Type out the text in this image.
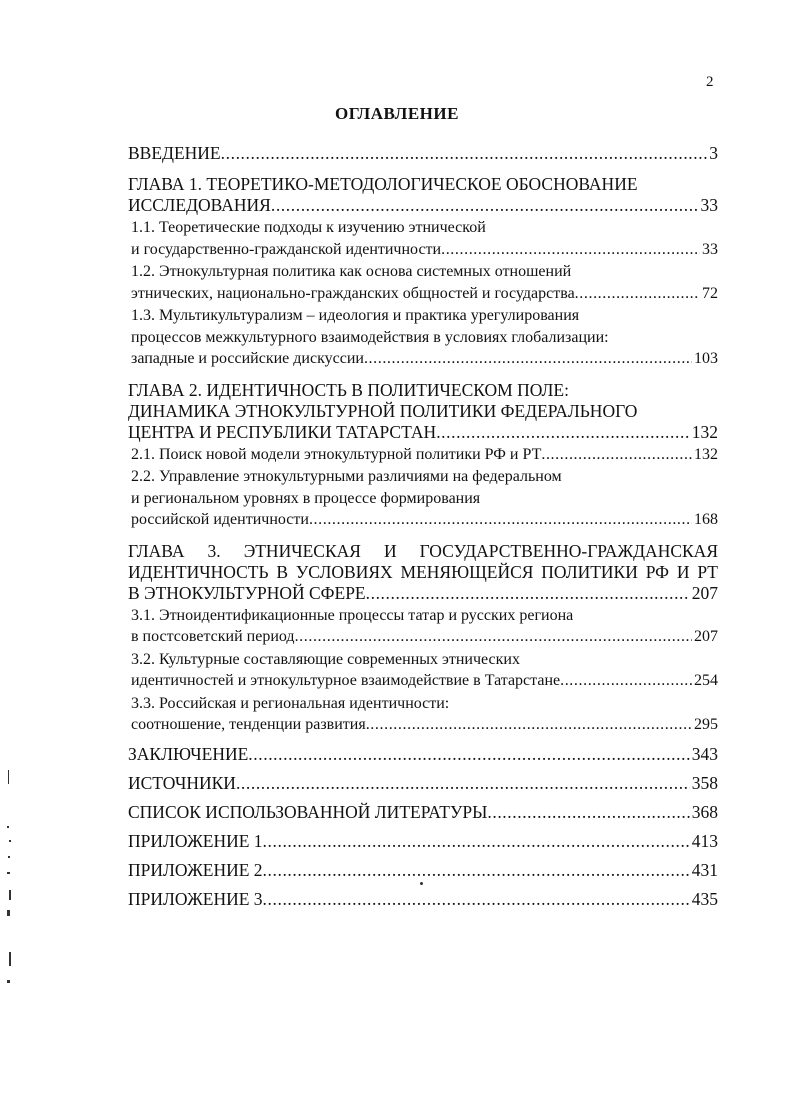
2
ОГЛАВЛЕНИЕ
ВВЕДЕНИЕ .....	3
ГЛАВА 1. ТЕОРЕТИКО-МЕТОДОЛОГИЧЕСКОЕ ОБОСНОВАНИЕ
ИССЛЕДОВАНИЯ .....	33
1.1. Теоретические подходы к изучению этнической
и государственно-гражданской идентичности .....	33
1.2. Этнокультурная политика как основа системных отношений
этнических, национально-гражданских общностей и государства .....	72
1.3. Мультикультурализм – идеология и практика урегулирования
процессов межкультурного взаимодействия в условиях глобализации:
западные и российские дискуссии .....	103
ГЛАВА 2. ИДЕНТИЧНОСТЬ В ПОЛИТИЧЕСКОМ ПОЛЕ:
ДИНАМИКА ЭТНОКУЛЬТУРНОЙ ПОЛИТИКИ ФЕДЕРАЛЬНОГО
ЦЕНТРА И РЕСПУБЛИКИ ТАТАРСТАН .....	132
2.1. Поиск новой модели этнокультурной политики РФ и РТ .....	132
2.2. Управление этнокультурными различиями на федеральном
и региональном уровнях в процессе формирования
российской идентичности .....	168
ГЛАВА 3. ЭТНИЧЕСКАЯ И ГОСУДАРСТВЕННО-ГРАЖДАНСКАЯ
ИДЕНТИЧНОСТЬ В УСЛОВИЯХ МЕНЯЮЩЕЙСЯ ПОЛИТИКИ РФ И РТ
В ЭТНОКУЛЬТУРНОЙ СФЕРЕ .....	207
3.1. Этноидентификационные процессы татар и русских региона
в постсоветский период .....	207
3.2. Культурные составляющие современных этнических
идентичностей и этнокультурное взаимодействие в Татарстане .....	254
3.3. Российская и региональная идентичности:
соотношение, тенденции развития .....	295
ЗАКЛЮЧЕНИЕ .....	343
ИСТОЧНИКИ .....	358
СПИСОК ИСПОЛЬЗОВАННОЙ ЛИТЕРАТУРЫ .....	368
ПРИЛОЖЕНИЕ 1 .....	413
ПРИЛОЖЕНИЕ 2 .....	431
ПРИЛОЖЕНИЕ 3 .....	435
